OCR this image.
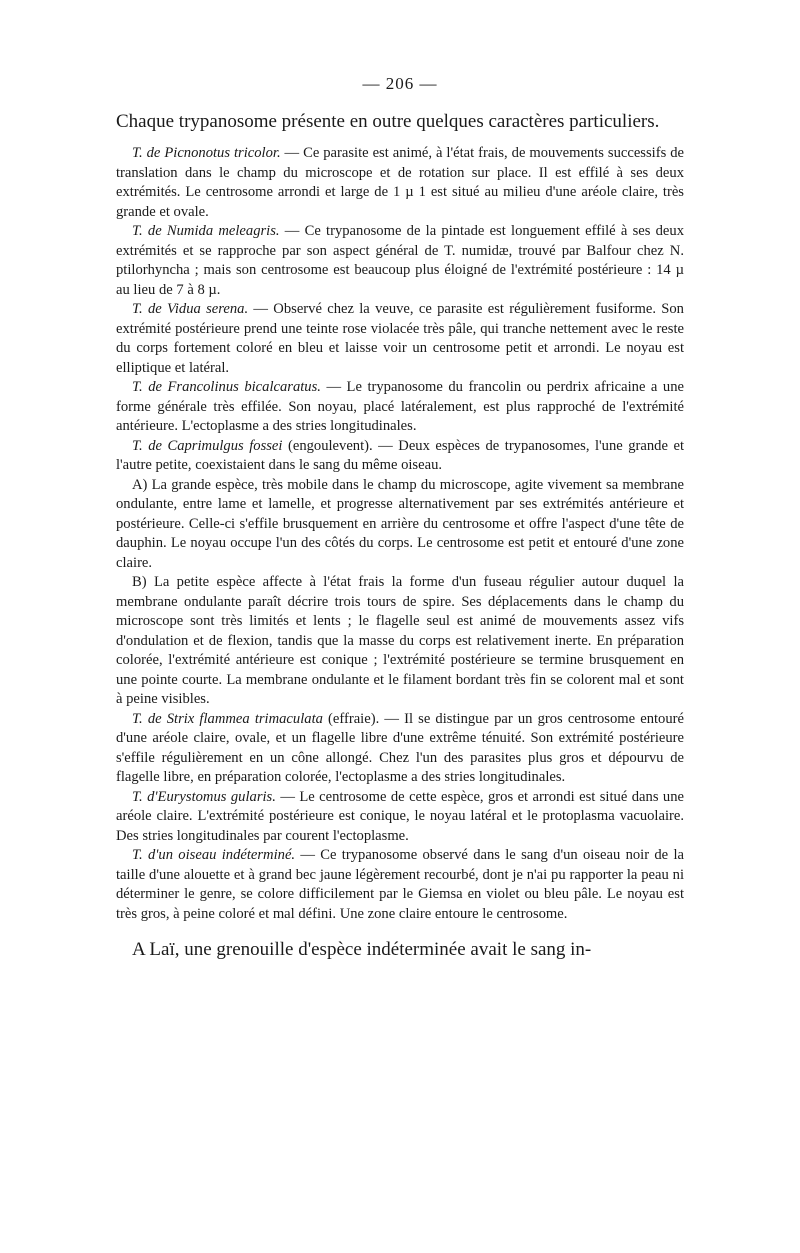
— 206 —

Chaque trypanosome présente en outre quelques caractères particuliers.

T. de Picnonotus tricolor. — Ce parasite est animé, à l'état frais, de mouvements successifs de translation dans le champ du microscope et de rotation sur place. Il est effilé à ses deux extrémités. Le centrosome arrondi et large de 1 µ 1 est situé au milieu d'une aréole claire, très grande et ovale.

T. de Numida meleagris. — Ce trypanosome de la pintade est longuement effilé à ses deux extrémités et se rapproche par son aspect général de T. numidæ, trouvé par Balfour chez N. ptilorhyncha ; mais son centrosome est beaucoup plus éloigné de l'extrémité postérieure : 14 µ au lieu de 7 à 8 µ.

T. de Vidua serena. — Observé chez la veuve, ce parasite est régulièrement fusiforme. Son extrémité postérieure prend une teinte rose violacée très pâle, qui tranche nettement avec le reste du corps fortement coloré en bleu et laisse voir un centrosome petit et arrondi. Le noyau est elliptique et latéral.

T. de Francolinus bicalcaratus. — Le trypanosome du francolin ou perdrix africaine a une forme générale très effilée. Son noyau, placé latéralement, est plus rapproché de l'extrémité antérieure. L'ectoplasme a des stries longitudinales.

T. de Caprimulgus fossei (engoulevent). — Deux espèces de trypanosomes, l'une grande et l'autre petite, coexistaient dans le sang du même oiseau.

A) La grande espèce, très mobile dans le champ du microscope, agite vivement sa membrane ondulante, entre lame et lamelle, et progresse alternativement par ses extrémités antérieure et postérieure. Celle-ci s'effile brusquement en arrière du centrosome et offre l'aspect d'une tête de dauphin. Le noyau occupe l'un des côtés du corps. Le centrosome est petit et entouré d'une zone claire.

B) La petite espèce affecte à l'état frais la forme d'un fuseau régulier autour duquel la membrane ondulante paraît décrire trois tours de spire. Ses déplacements dans le champ du microscope sont très limités et lents ; le flagelle seul est animé de mouvements assez vifs d'ondulation et de flexion, tandis que la masse du corps est relativement inerte. En préparation colorée, l'extrémité antérieure est conique ; l'extrémité postérieure se termine brusquement en une pointe courte. La membrane ondulante et le filament bordant très fin se colorent mal et sont à peine visibles.

T. de Strix flammea trimaculata (effraie). — Il se distingue par un gros centrosome entouré d'une aréole claire, ovale, et un flagelle libre d'une extrême ténuité. Son extrémité postérieure s'effile régulièrement en un cône allongé. Chez l'un des parasites plus gros et dépourvu de flagelle libre, en préparation colorée, l'ectoplasme a des stries longitudinales.

T. d'Eurystomus gularis. — Le centrosome de cette espèce, gros et arrondi est situé dans une aréole claire. L'extrémité postérieure est conique, le noyau latéral et le protoplasma vacuolaire. Des stries longitudinales par courent l'ectoplasme.

T. d'un oiseau indéterminé. — Ce trypanosome observé dans le sang d'un oiseau noir de la taille d'une alouette et à grand bec jaune légèrement recourbé, dont je n'ai pu rapporter la peau ni déterminer le genre, se colore difficilement par le Giemsa en violet ou bleu pâle. Le noyau est très gros, à peine coloré et mal défini. Une zone claire entoure le centrosome.

A Laï, une grenouille d'espèce indéterminée avait le sang in-
